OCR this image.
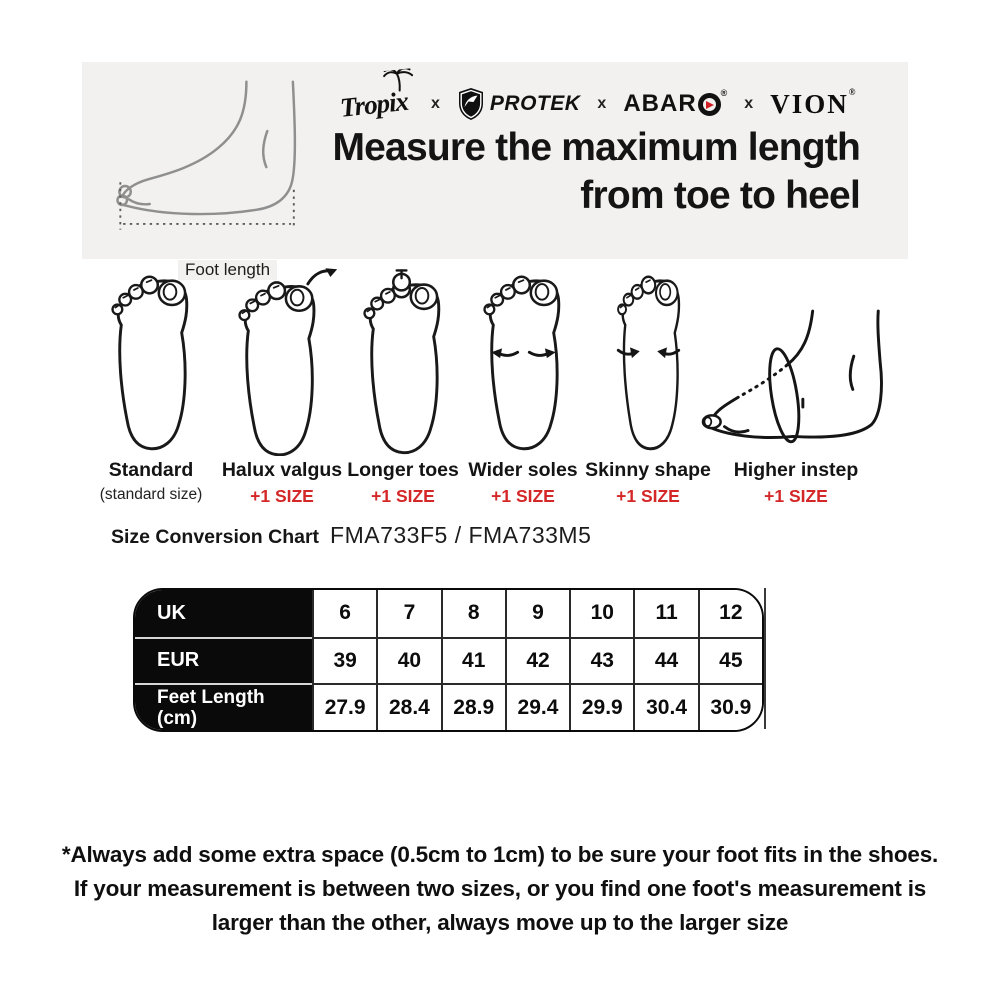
Foot length
Tropix	x PROTEK x ABAR	®
x VION ®
Measure the maximum length
from toe to heel
Standard
(standard size)
Halux valgus
+1 SIZE
Longer toes
+1 SIZE
Wider soles
+1 SIZE
Skinny shape
+1 SIZE
Higher instep
+1 SIZE
Size Conversion Chart FMA733F5 / FMA733M5
UK	6	7	8	9	10	11	12
EUR	39	40	41	42	43	44	45
Feet Length (cm)	27.9	28.4	28.9	29.4	29.9	30.4	30.9
*Always add some extra space (0.5cm to 1cm) to be sure your foot fits in the shoes.
If your measurement is between two sizes, or you find one foot's measurement is
larger than the other, always move up to the larger size
